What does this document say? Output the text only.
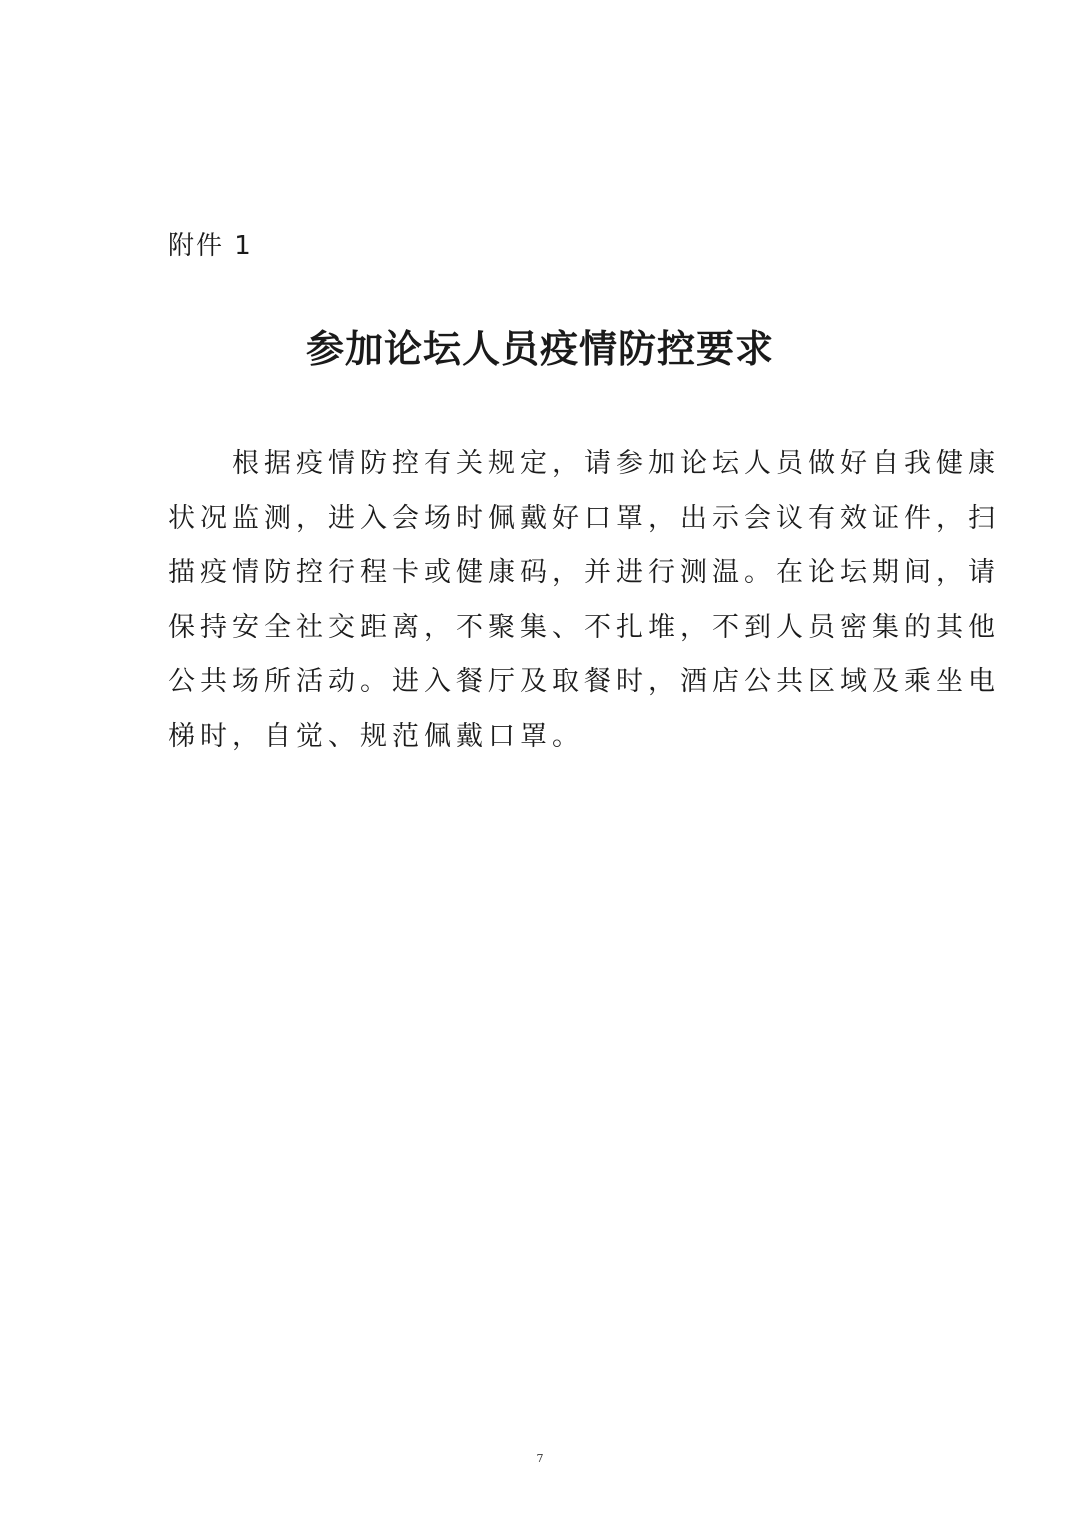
附件 1
参加论坛人员疫情防控要求
　　根据疫情防控有关规定，请参加论坛人员做好自我健康
状况监测，进入会场时佩戴好口罩，出示会议有效证件，扫
描疫情防控行程卡或健康码，并进行测温。在论坛期间，请
保持安全社交距离，不聚集、不扎堆，不到人员密集的其他
公共场所活动。进入餐厅及取餐时，酒店公共区域及乘坐电
梯时，自觉、规范佩戴口罩。
7
